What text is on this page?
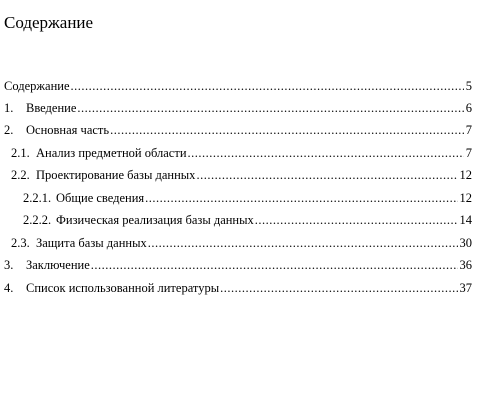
Содержание
Содержание .....	5
1.	Введение .....	6
2.	Основная часть .....	7
2.1. Анализ предметной области .....	7
2.2. Проектирование базы данных .....	12
2.2.1. Общие сведения .....	12
2.2.2. Физическая реализация базы данных .....	14
2.3. Защита базы данных .....	30
3.	Заключение .....	36
4.	Список использованной литературы .....	37
